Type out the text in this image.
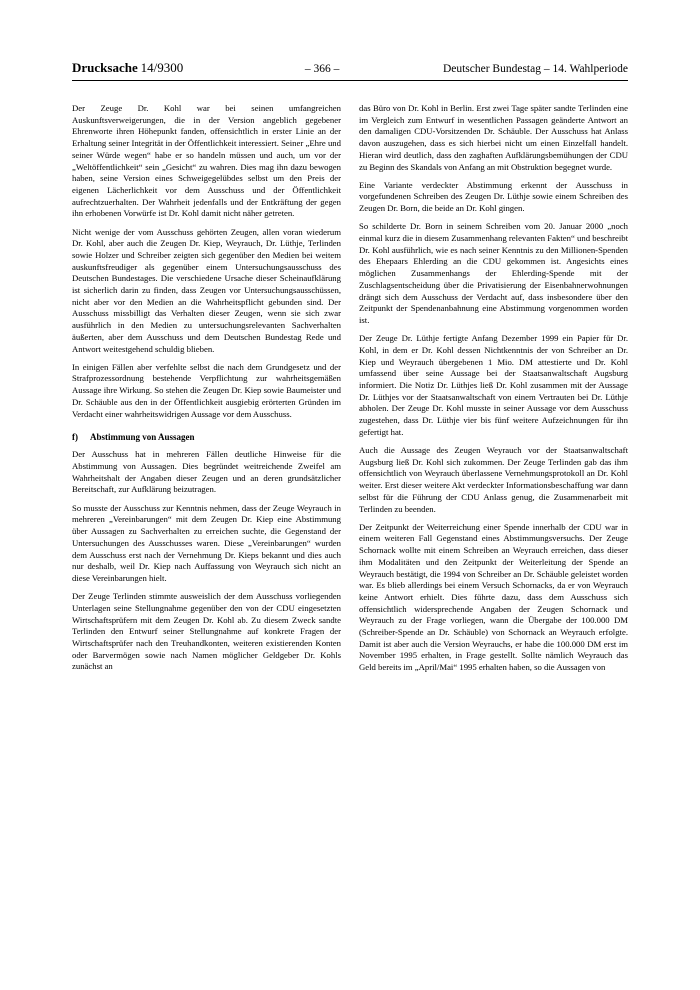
Drucksache 14/9300	– 366 –	Deutscher Bundestag – 14. Wahlperiode

Der Zeuge Dr. Kohl war bei seinen umfangreichen Auskunftsverweigerungen, die in der Version angeblich gegebener Ehrenworte ihren Höhepunkt fanden, offensichtlich in erster Linie an der Erhaltung seiner Integrität in der Öffentlichkeit interessiert. Seiner „Ehre und seiner Würde wegen“ habe er so handeln müssen und auch, um vor der „Weltöffentlichkeit“ sein „Gesicht“ zu wahren. Dies mag ihn dazu bewogen haben, seine Version eines Schweigegelübdes selbst um den Preis der eigenen Lächerlichkeit vor dem Ausschuss und der Öffentlichkeit aufrechtzuerhalten. Der Wahrheit jedenfalls und der Entkräftung der gegen ihn erhobenen Vorwürfe ist Dr. Kohl damit nicht näher getreten.

Nicht wenige der vom Ausschuss gehörten Zeugen, allen voran wiederum Dr. Kohl, aber auch die Zeugen Dr. Kiep, Weyrauch, Dr. Lüthje, Terlinden sowie Holzer und Schreiber zeigten sich gegenüber den Medien bei weitem auskunftsfreudiger als gegenüber einem Untersuchungsausschuss des Deutschen Bundestages. Die verschiedene Ursache dieser Scheinaufklärung ist sicherlich darin zu finden, dass Zeugen vor Untersuchungsausschüssen, nicht aber vor den Medien an die Wahrheitspflicht gebunden sind. Der Ausschuss missbilligt das Verhalten dieser Zeugen, wenn sie sich zwar ausführlich in den Medien zu untersuchungsrelevanten Sachverhalten äußerten, aber dem Ausschuss und dem Deutschen Bundestag Rede und Antwort weitestgehend schuldig blieben.

In einigen Fällen aber verfehlte selbst die nach dem Grundgesetz und der Strafprozessordnung bestehende Verpflichtung zur wahrheitsgemäßen Aussage ihre Wirkung. So stehen die Zeugen Dr. Kiep sowie Baumeister und Dr. Schäuble aus den in der Öffentlichkeit ausgiebig erörterten Gründen im Verdacht einer wahrheitswidrigen Aussage vor dem Ausschuss.

f) Abstimmung von Aussagen

Der Ausschuss hat in mehreren Fällen deutliche Hinweise für die Abstimmung von Aussagen. Dies begründet weitreichende Zweifel am Wahrheitshalt der Angaben dieser Zeugen und an deren grundsätzlicher Bereitschaft, zur Aufklärung beizutragen.

So musste der Ausschuss zur Kenntnis nehmen, dass der Zeuge Weyrauch in mehreren „Vereinbarungen“ mit dem Zeugen Dr. Kiep eine Abstimmung über Aussagen zu Sachverhalten zu erreichen suchte, die Gegenstand der Untersuchungen des Ausschusses waren. Diese „Vereinbarungen“ wurden dem Ausschuss erst nach der Vernehmung Dr. Kieps bekannt und dies auch nur deshalb, weil Dr. Kiep nach Auffassung von Weyrauch sich nicht an diese Vereinbarungen hielt.

Der Zeuge Terlinden stimmte ausweislich der dem Ausschuss vorliegenden Unterlagen seine Stellungnahme gegenüber den von der CDU eingesetzten Wirtschaftsprüfern mit dem Zeugen Dr. Kohl ab. Zu diesem Zweck sandte Terlinden den Entwurf seiner Stellungnahme auf konkrete Fragen der Wirtschaftsprüfer nach den Treuhandkonten, weiteren existierenden Konten oder Barvermögen sowie nach Namen möglicher Geldgeber Dr. Kohls zunächst an

das Büro von Dr. Kohl in Berlin. Erst zwei Tage später sandte Terlinden eine im Vergleich zum Entwurf in wesentlichen Passagen geänderte Antwort an den damaligen CDU-Vorsitzenden Dr. Schäuble. Der Ausschuss hat Anlass davon auszugehen, dass es sich hierbei nicht um einen Einzelfall handelt. Hieran wird deutlich, dass den zaghaften Aufklärungsbemühungen der CDU zu Beginn des Skandals von Anfang an mit Obstruktion begegnet wurde.

Eine Variante verdeckter Abstimmung erkennt der Ausschuss in vorgefundenen Schreiben des Zeugen Dr. Lüthje sowie einem Schreiben des Zeugen Dr. Born, die beide an Dr. Kohl gingen.

So schilderte Dr. Born in seinem Schreiben vom 20. Januar 2000 „noch einmal kurz die in diesem Zusammenhang relevanten Fakten“ und beschreibt Dr. Kohl ausführlich, wie es nach seiner Kenntnis zu den Millionen-Spenden des Ehepaars Ehlerding an die CDU gekommen ist. Angesichts eines möglichen Zusammenhangs der Ehlerding-Spende mit der Zuschlagsentscheidung über die Privatisierung der Eisenbahnerwohnungen drängt sich dem Ausschuss der Verdacht auf, dass insbesondere über den Zeitpunkt der Spendenanbahnung eine Abstimmung vorgenommen worden ist.

Der Zeuge Dr. Lüthje fertigte Anfang Dezember 1999 ein Papier für Dr. Kohl, in dem er Dr. Kohl dessen Nichtkenntnis der von Schreiber an Dr. Kiep und Weyrauch übergebenen 1 Mio. DM attestierte und Dr. Kohl umfassend über seine Aussage bei der Staatsanwaltschaft Augsburg informiert. Die Notiz Dr. Lüthjes ließ Dr. Kohl zusammen mit der Aussage Dr. Lüthjes vor der Staatsanwaltschaft von einem Vertrauten bei Dr. Lüthje abholen. Der Zeuge Dr. Kohl musste in seiner Aussage vor dem Ausschuss zugestehen, dass Dr. Lüthje vier bis fünf weitere Aufzeichnungen für ihn gefertigt hat.

Auch die Aussage des Zeugen Weyrauch vor der Staatsanwaltschaft Augsburg ließ Dr. Kohl sich zukommen. Der Zeuge Terlinden gab das ihm offensichtlich von Weyrauch überlassene Vernehmungsprotokoll an Dr. Kohl weiter. Erst dieser weitere Akt verdeckter Informationsbeschaffung war dann selbst für die Führung der CDU Anlass genug, die Zusammenarbeit mit Terlinden zu beenden.

Der Zeitpunkt der Weiterreichung einer Spende innerhalb der CDU war in einem weiteren Fall Gegenstand eines Abstimmungsversuchs. Der Zeuge Schornack wollte mit einem Schreiben an Weyrauch erreichen, dass dieser ihm Modalitäten und den Zeitpunkt der Weiterleitung der Spende an Weyrauch bestätigt, die 1994 von Schreiber an Dr. Schäuble geleistet worden war. Es blieb allerdings bei einem Versuch Schornacks, da er von Weyrauch keine Antwort erhielt. Dies führte dazu, dass dem Ausschuss sich offensichtlich widersprechende Angaben der Zeugen Schornack und Weyrauch zu der Frage vorliegen, wann die Übergabe der 100.000 DM (Schreiber-Spende an Dr. Schäuble) von Schornack an Weyrauch erfolgte. Damit ist aber auch die Version Weyrauchs, er habe die 100.000 DM erst im November 1995 erhalten, in Frage gestellt. Sollte nämlich Weyrauch das Geld bereits im „April/Mai“ 1995 erhalten haben, so die Aussagen von
